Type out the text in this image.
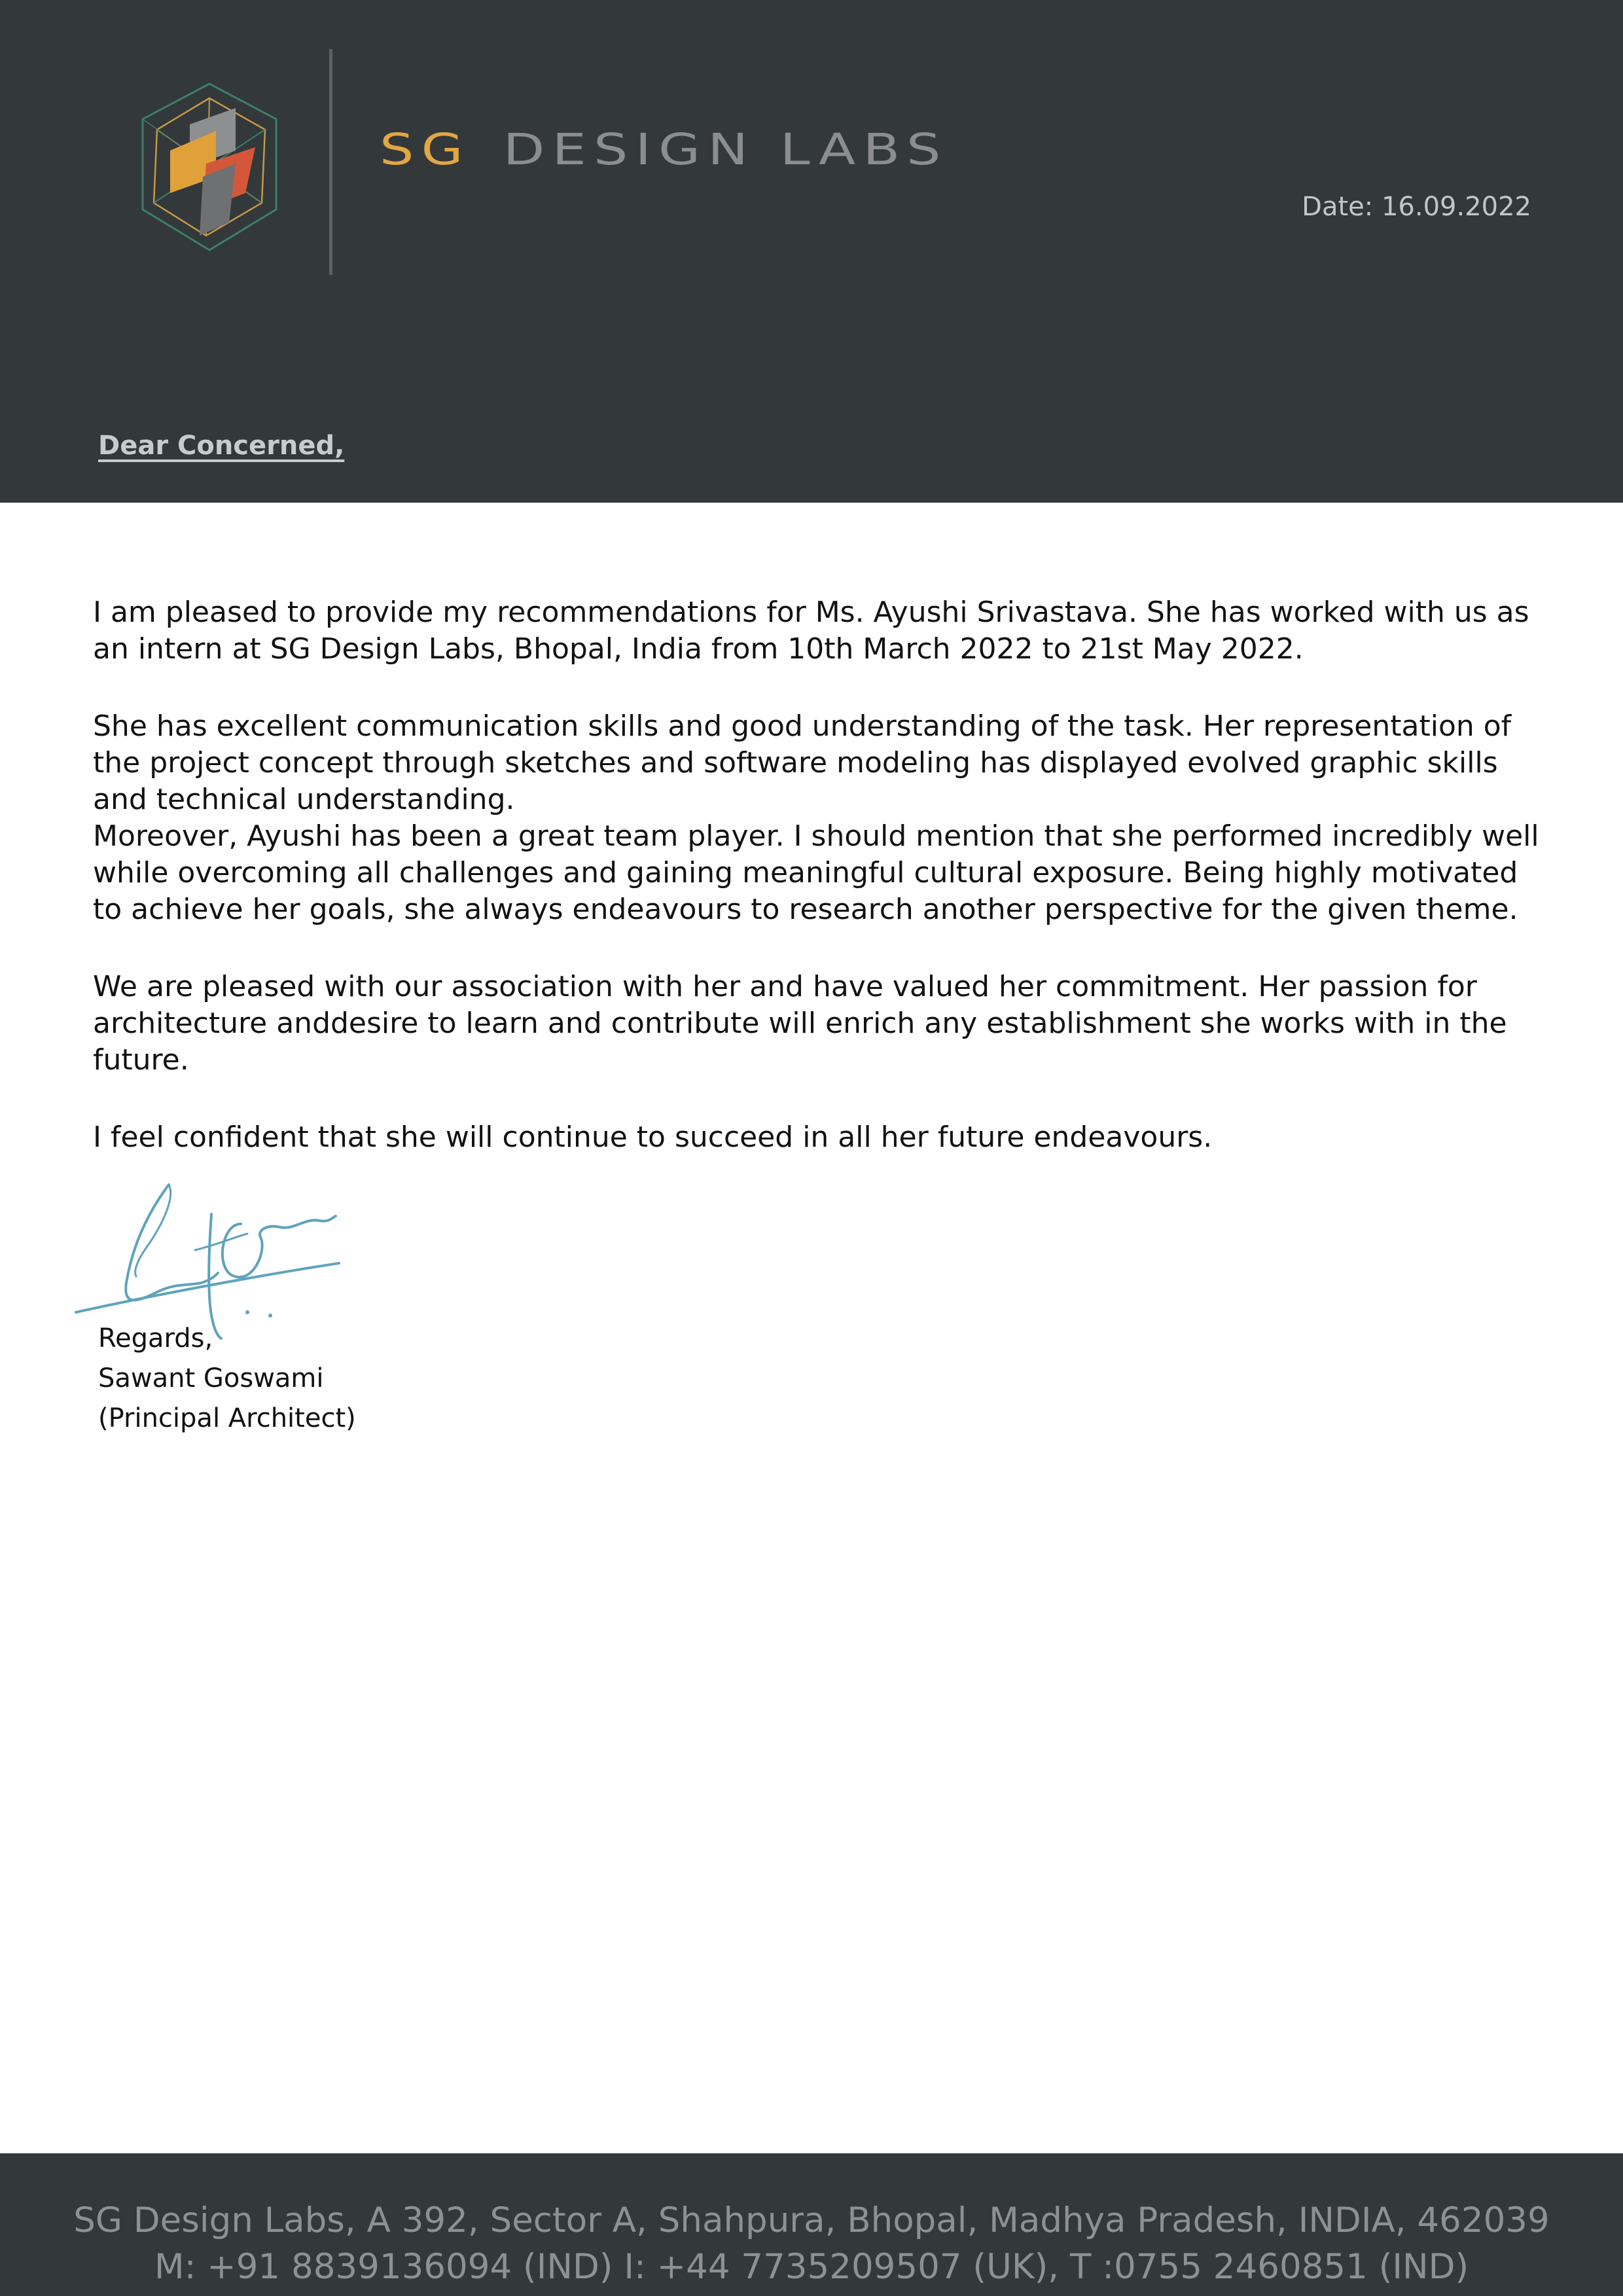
SG DESIGN LABS
Date: 16.09.2022
Dear Concerned,

I am pleased to provide my recommendations for Ms. Ayushi Srivastava. She has worked with us as an intern at SG Design Labs, Bhopal, India from 10th March 2022 to 21st May 2022.

She has excellent communication skills and good understanding of the task. Her representation of the project concept through sketches and software modeling has displayed evolved graphic skills and technical understanding.

Moreover, Ayushi has been a great team player. I should mention that she performed incredibly well while overcoming all challenges and gaining meaningful cultural exposure. Being highly motivated to achieve her goals, she always endeavours to research another perspective for the given theme.

We are pleased with our association with her and have valued her commitment. Her passion for architecture anddesire to learn and contribute will enrich any establishment she works with in the future.

I feel confident that she will continue to succeed in all her future endeavours.

Regards,
Sawant Goswami
(Principal Architect)
SG Design Labs, A 392, Sector A, Shahpura, Bhopal, Madhya Pradesh, INDIA, 462039
M: +91 8839136094 (IND) I: +44 7735209507 (UK), T :0755 2460851 (IND)
